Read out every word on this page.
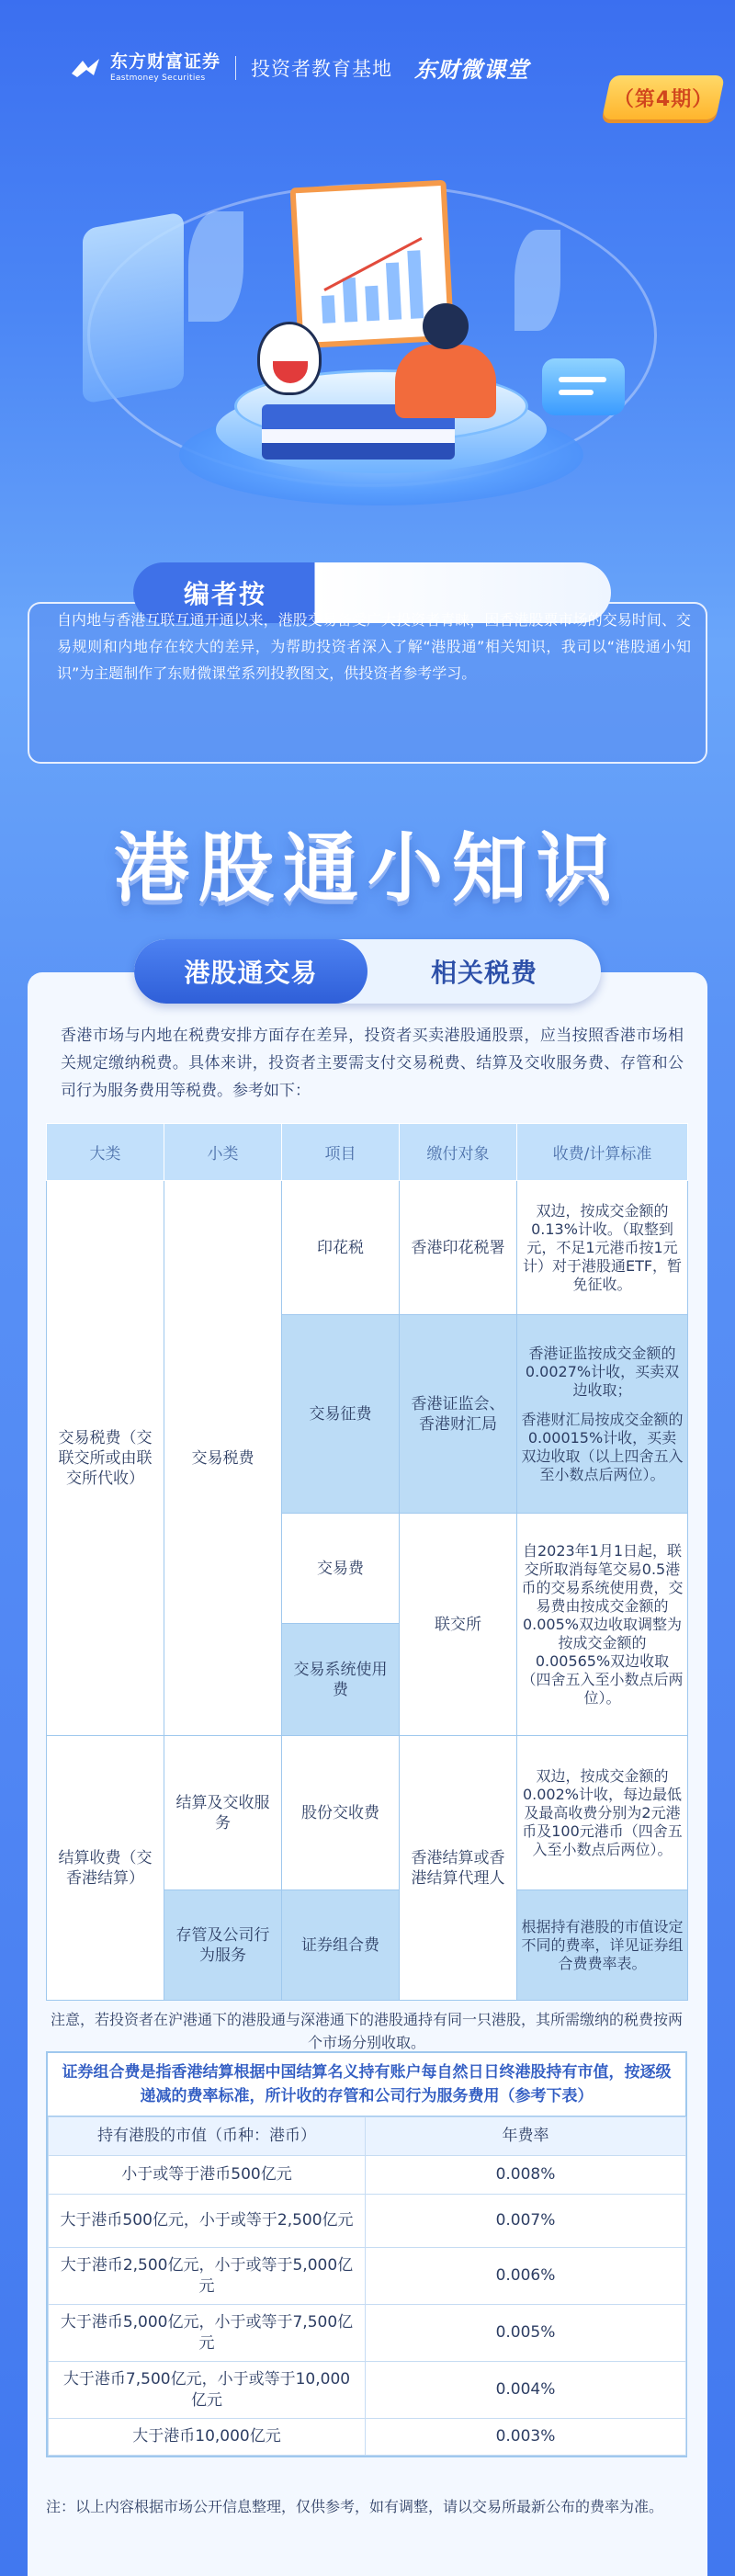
东方财富证券
Eastmoney Securities	投资者教育基地 东财微课堂
（第4期）
编者按

自内地与香港互联互通开通以来，港股交易备受广大投资者青睐，因香港股票市场的交易时间、交易规则和内地存在较大的差异，为帮助投资者深入了解“港股通”相关知识，我司以“港股通小知识”为主题制作了东财微课堂系列投教图文，供投资者参考学习。

港股通小知识
港股通交易	相关税费

香港市场与内地在税费安排方面存在差异，投资者买卖港股通股票，应当按照香港市场相关规定缴纳税费。具体来讲，投资者主要需支付交易税费、结算及交收服务费、存管和公司行为服务费用等税费。参考如下：

大类	小类	项目	缴付对象	收费/计算标准
交易税费（交联交所或由联交所代收）	交易税费	印花税	香港印花税署	双边，按成交金额的0.13%计收。（取整到元，不足1元港币按1元计）对于港股通ETF，暂免征收。
		交易征费	香港证监会、香港财汇局	香港证监按成交金额的0.0027%计收，买卖双边收取；
香港财汇局按成交金额的0.00015%计收，买卖双边收取（以上四舍五入至小数点后两位）。

		交易费	联交所	自2023年1月1日起，联交所取消每笔交易0.5港币的交易系统使用费，交易费由按成交金额的0.005%双边收取调整为按成交金额的0.00565%双边收取（四舍五入至小数点后两位）。
		交易系统使用费		
结算收费（交香港结算）	结算及交收服务	股份交收费	香港结算或香港结算代理人	双边，按成交金额的0.002%计收，每边最低及最高收费分别为2元港币及100元港币（四舍五入至小数点后两位）。
	存管及公司行为服务	证券组合费		根据持有港股的市值设定不同的费率，详见证券组合费费率表。

注意，若投资者在沪港通下的港股通与深港通下的港股通持有同一只港股，其所需缴纳的税费按两个市场分别收取。

证券组合费是指香港结算根据中国结算名义持有账户每自然日日终港股持有市值，按逐级递减的费率标准，所计收的存管和公司行为服务费用（参考下表）
持有港股的市值（币种：港币）	年费率
小于或等于港币500亿元	0.008%
大于港币500亿元，小于或等于2,500亿元	0.007%
大于港币2,500亿元，小于或等于5,000亿元	0.006%
大于港币5,000亿元，小于或等于7,500亿元	0.005%
大于港币7,500亿元，小于或等于10,000亿元	0.004%
大于港币10,000亿元	0.003%

注：以上内容根据市场公开信息整理，仅供参考，如有调整，请以交易所最新公布的费率为准。
